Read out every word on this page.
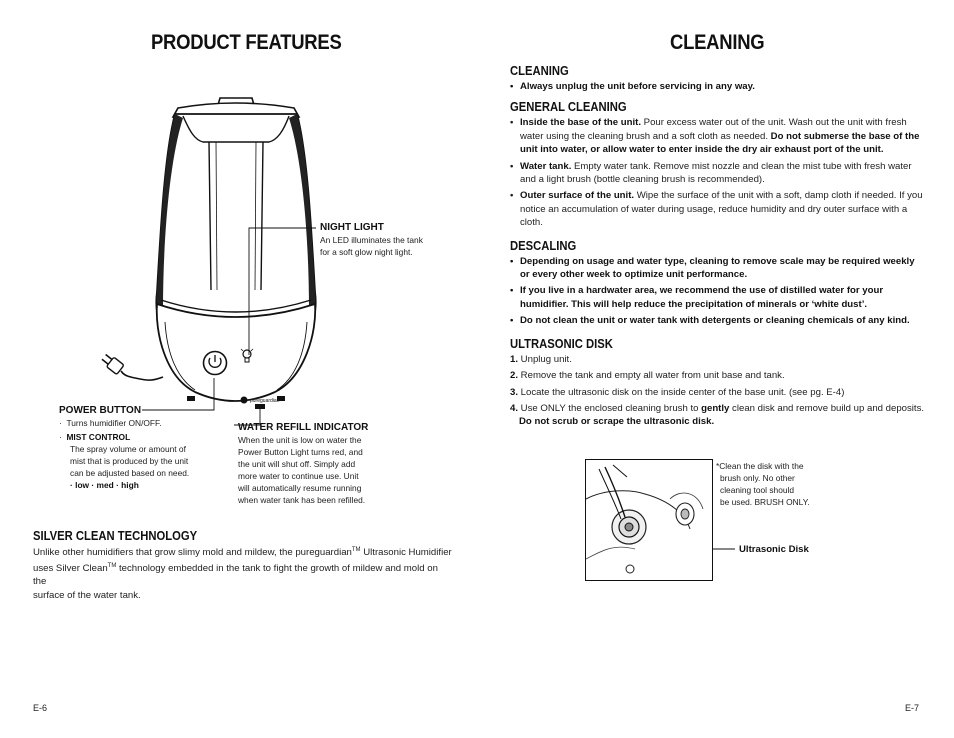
PRODUCT FEATURES
pureguardian
NIGHT LIGHT
An LED illuminates the tank
for a soft glow night light.
POWER BUTTON
·  Turns humidifier ON/OFF.
·  MIST CONTROL
The spray volume or amount of
mist that is produced by the unit
can be adjusted based on need.
· low · med · high
WATER REFILL INDICATOR
When the unit is low on water the
Power Button Light turns red, and
the unit will shut off. Simply add
more water to continue use. Unit
will automatically resume running
when water tank has been refilled.
SILVER CLEAN TECHNOLOGY
Unlike other humidifiers that grow slimy mold and mildew, the pureguardian™ Ultrasonic Humidifier
uses Silver Clean™ technology embedded in the tank to fight the growth of mildew and mold on the
surface of the water tank.
E-6
CLEANING
CLEANING
• Always unplug the unit before servicing in any way.
GENERAL CLEANING
• Inside the base of the unit. Pour excess water out of the unit. Wash out the unit with fresh water using the cleaning brush and a soft cloth as needed. Do not submerse the base of the unit into water, or allow water to enter inside the dry air exhaust port of the unit.
• Water tank. Empty water tank. Remove mist nozzle and clean the mist tube with fresh water and a light brush (bottle cleaning brush is recommended).
• Outer surface of the unit. Wipe the surface of the unit with a soft, damp cloth if needed. If you notice an accumulation of water during usage, reduce humidity and dry outer surface with a cloth.
DESCALING
• Depending on usage and water type, cleaning to remove scale may be required weekly or every other week to optimize unit performance.
• If you live in a hardwater area, we recommend the use of distilled water for your humidifier. This will help reduce the precipitation of minerals or ‘white dust’.
• Do not clean the unit or water tank with detergents or cleaning chemicals of any kind.
ULTRASONIC DISK
1. Unplug unit.
2. Remove the tank and empty all water from unit base and tank.
3. Locate the ultrasonic disk on the inside center of the base unit. (see pg. E-4)
4. Use ONLY the enclosed cleaning brush to gently clean disk and remove build up and deposits.
Do not scrub or scrape the ultrasonic disk.
*Clean the disk with the
brush only. No other
cleaning tool should
be used. BRUSH ONLY.
Ultrasonic Disk
E-7
